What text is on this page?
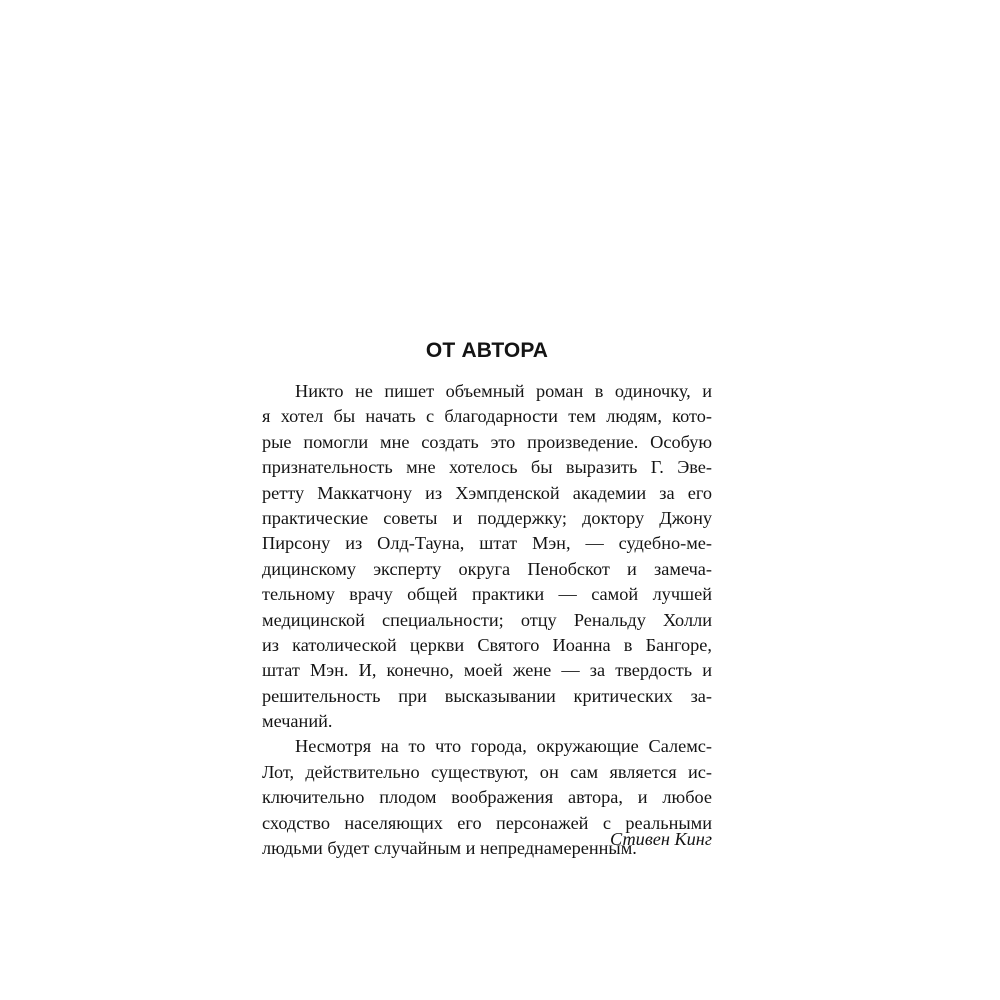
ОТ АВТОРА
Никто не пишет объемный роман в одиночку, и
я хотел бы начать с благодарности тем людям, кото-
рые помогли мне создать это произведение. Особую
признательность мне хотелось бы выразить Г. Эве-
ретту Маккатчону из Хэмпденской академии за его
практические советы и поддержку; доктору Джону
Пирсону из Олд-Тауна, штат Мэн, — судебно-ме-
дицинскому эксперту округа Пенобскот и замеча-
тельному врачу общей практики — самой лучшей
медицинской специальности; отцу Ренальду Холли
из католической церкви Святого Иоанна в Бангоре,
штат Мэн. И, конечно, моей жене — за твердость и
решительность при высказывании критических за-
мечаний.
Несмотря на то что города, окружающие Салемс-
Лот, действительно существуют, он сам является ис-
ключительно плодом воображения автора, и любое
сходство населяющих его персонажей с реальными
людьми будет случайным и непреднамеренным.
Стивен Кинг
